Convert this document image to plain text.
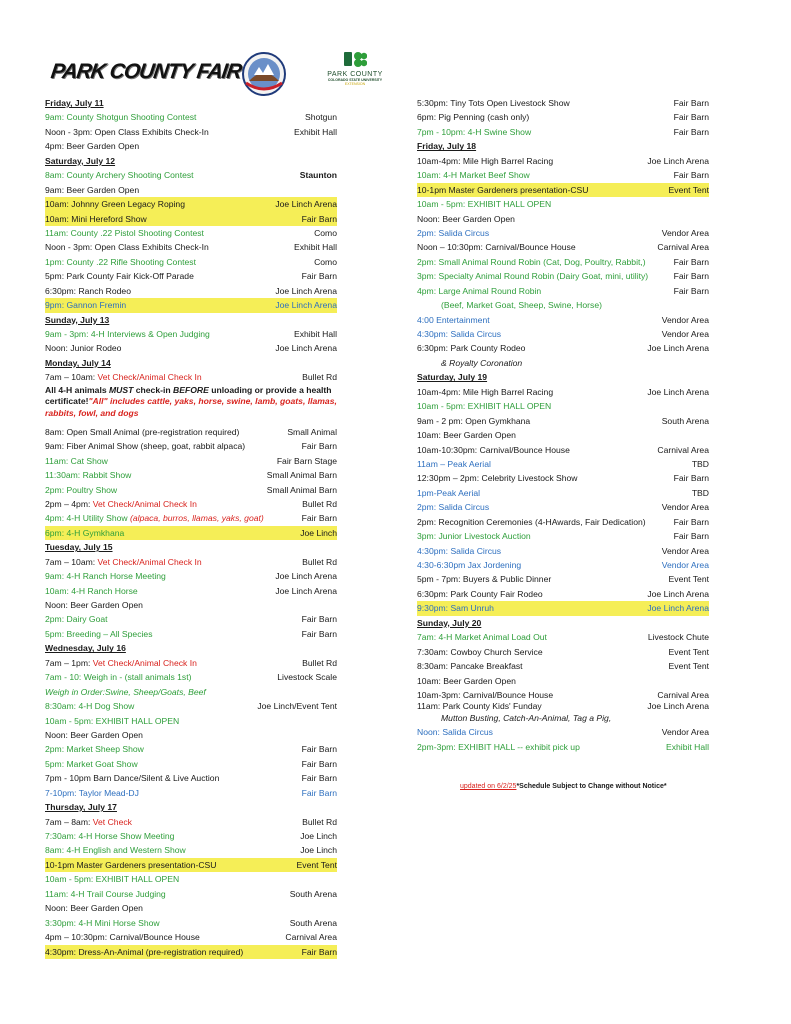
PARK COUNTY FAIR	PARK COUNTY
COLORADO STATE UNIVERSITY
EXTENSION
Friday, July 11
9am: County Shotgun Shooting Contest	Shotgun
Noon - 3pm: Open Class Exhibits Check-In	Exhibit Hall
4pm: Beer Garden Open
Saturday, July 12
8am: County Archery Shooting Contest	Staunton
9am: Beer Garden Open
10am: Johnny Green Legacy Roping	Joe Linch Arena
10am: Mini Hereford Show	Fair Barn
11am: County .22 Pistol Shooting Contest	Como
Noon - 3pm: Open Class Exhibits Check-In	Exhibit Hall
1pm: County .22 Rifle Shooting Contest	Como
5pm: Park County Fair Kick-Off Parade	Fair Barn
6:30pm: Ranch Rodeo	Joe Linch Arena
9pm: Gannon Fremin	Joe Linch Arena
Sunday, July 13
9am - 3pm: 4-H Interviews & Open Judging	Exhibit Hall
Noon: Junior Rodeo	Joe Linch Arena
Monday, July 14
7am – 10am: Vet Check/Animal Check In	Bullet Rd
All 4-H animals MUST check-in BEFORE unloading or provide a health certificate!"All" includes cattle, yaks, horse, swine, lamb, goats, llamas, rabbits, fowl, and dogs
8am: Open Small Animal (pre-registration required)	Small Animal
9am: Fiber Animal Show (sheep, goat, rabbit alpaca)	Fair Barn
11am: Cat Show	Fair Barn Stage
11:30am: Rabbit Show	Small Animal Barn
2pm: Poultry Show	Small Animal Barn
2pm – 4pm: Vet Check/Animal Check In	Bullet Rd
4pm: 4-H Utility Show (alpaca, burros, llamas, yaks, goat)	Fair Barn
6pm: 4-H Gymkhana	Joe Linch
Tuesday, July 15
7am – 10am: Vet Check/Animal Check In	Bullet Rd
9am: 4-H Ranch Horse Meeting	Joe Linch Arena
10am: 4-H Ranch Horse	Joe Linch Arena
Noon: Beer Garden Open
2pm: Dairy Goat	Fair Barn
5pm: Breeding – All Species	Fair Barn
Wednesday, July 16
7am – 1pm: Vet Check/Animal Check In	Bullet Rd
7am - 10: Weigh in - (stall animals 1st)	Livestock Scale
Weigh in Order:Swine, Sheep/Goats, Beef
8:30am: 4-H Dog Show	Joe Linch/Event Tent
10am - 5pm: EXHIBIT HALL OPEN
Noon: Beer Garden Open
2pm: Market Sheep Show	Fair Barn
5pm: Market Goat Show	Fair Barn
7pm - 10pm Barn Dance/Silent & Live Auction	Fair Barn
7-10pm: Taylor Mead-DJ	Fair Barn
Thursday, July 17
7am – 8am: Vet Check	Bullet Rd
7:30am: 4-H Horse Show Meeting	Joe Linch
8am: 4-H English and Western Show	Joe Linch
10-1pm Master Gardeners presentation-CSU	Event Tent
10am - 5pm: EXHIBIT HALL OPEN
11am: 4-H Trail Course Judging	South Arena
Noon: Beer Garden Open
3:30pm: 4-H Mini Horse Show	South Arena
4pm – 10:30pm: Carnival/Bounce House	Carnival Area
4:30pm: Dress-An-Animal (pre-registration required)	Fair Barn
5:30pm: Tiny Tots Open Livestock Show	Fair Barn
6pm: Pig Penning (cash only)	Fair Barn
7pm - 10pm: 4-H Swine Show	Fair Barn
Friday, July 18
10am-4pm: Mile High Barrel Racing	Joe Linch Arena
10am: 4-H Market Beef Show	Fair Barn
10-1pm Master Gardeners presentation-CSU	Event Tent
10am - 5pm: EXHIBIT HALL OPEN
Noon: Beer Garden Open
2pm: Salida Circus	Vendor Area
Noon – 10:30pm: Carnival/Bounce House	Carnival Area
2pm: Small Animal Round Robin (Cat, Dog, Poultry, Rabbit,)	Fair Barn
3pm: Specialty Animal Round Robin (Dairy Goat, mini, utility)	Fair Barn
4pm: Large Animal Round Robin	Fair Barn
(Beef, Market Goat, Sheep, Swine, Horse)
4:00 Entertainment	Vendor Area
4:30pm: Salida Circus	Vendor Area
6:30pm: Park County Rodeo	Joe Linch Arena
& Royalty Coronation
Saturday, July 19
10am-4pm: Mile High Barrel Racing	Joe Linch Arena
10am - 5pm: EXHIBIT HALL OPEN
9am - 2 pm: Open Gymkhana	South Arena
10am: Beer Garden Open
10am-10:30pm: Carnival/Bounce House	Carnival Area
11am – Peak Aerial	TBD
12:30pm – 2pm: Celebrity Livestock Show	Fair Barn
1pm-Peak Aerial	TBD
2pm: Salida Circus	Vendor Area
2pm: Recognition Ceremonies (4-HAwards, Fair Dedication)	Fair Barn
3pm: Junior Livestock Auction	Fair Barn
4:30pm: Salida Circus	Vendor Area
4:30-6:30pm Jax Jordening	Vendor Area
5pm - 7pm: Buyers & Public Dinner	Event Tent
6:30pm: Park County Fair Rodeo	Joe Linch Arena
9:30pm: Sam Unruh	Joe Linch Arena
Sunday, July 20
7am: 4-H Market Animal Load Out	Livestock Chute
7:30am: Cowboy Church Service	Event Tent
8:30am: Pancake Breakfast	Event Tent
10am: Beer Garden Open
10am-3pm: Carnival/Bounce House	Carnival Area
11am: Park County Kids' Funday	Joe Linch Arena
Mutton Busting, Catch-An-Animal, Tag a Pig,
Noon: Salida Circus	Vendor Area
2pm-3pm: EXHIBIT HALL -- exhibit pick up	Exhibit Hall
updated on 6/2/25*Schedule Subject to Change without Notice*
